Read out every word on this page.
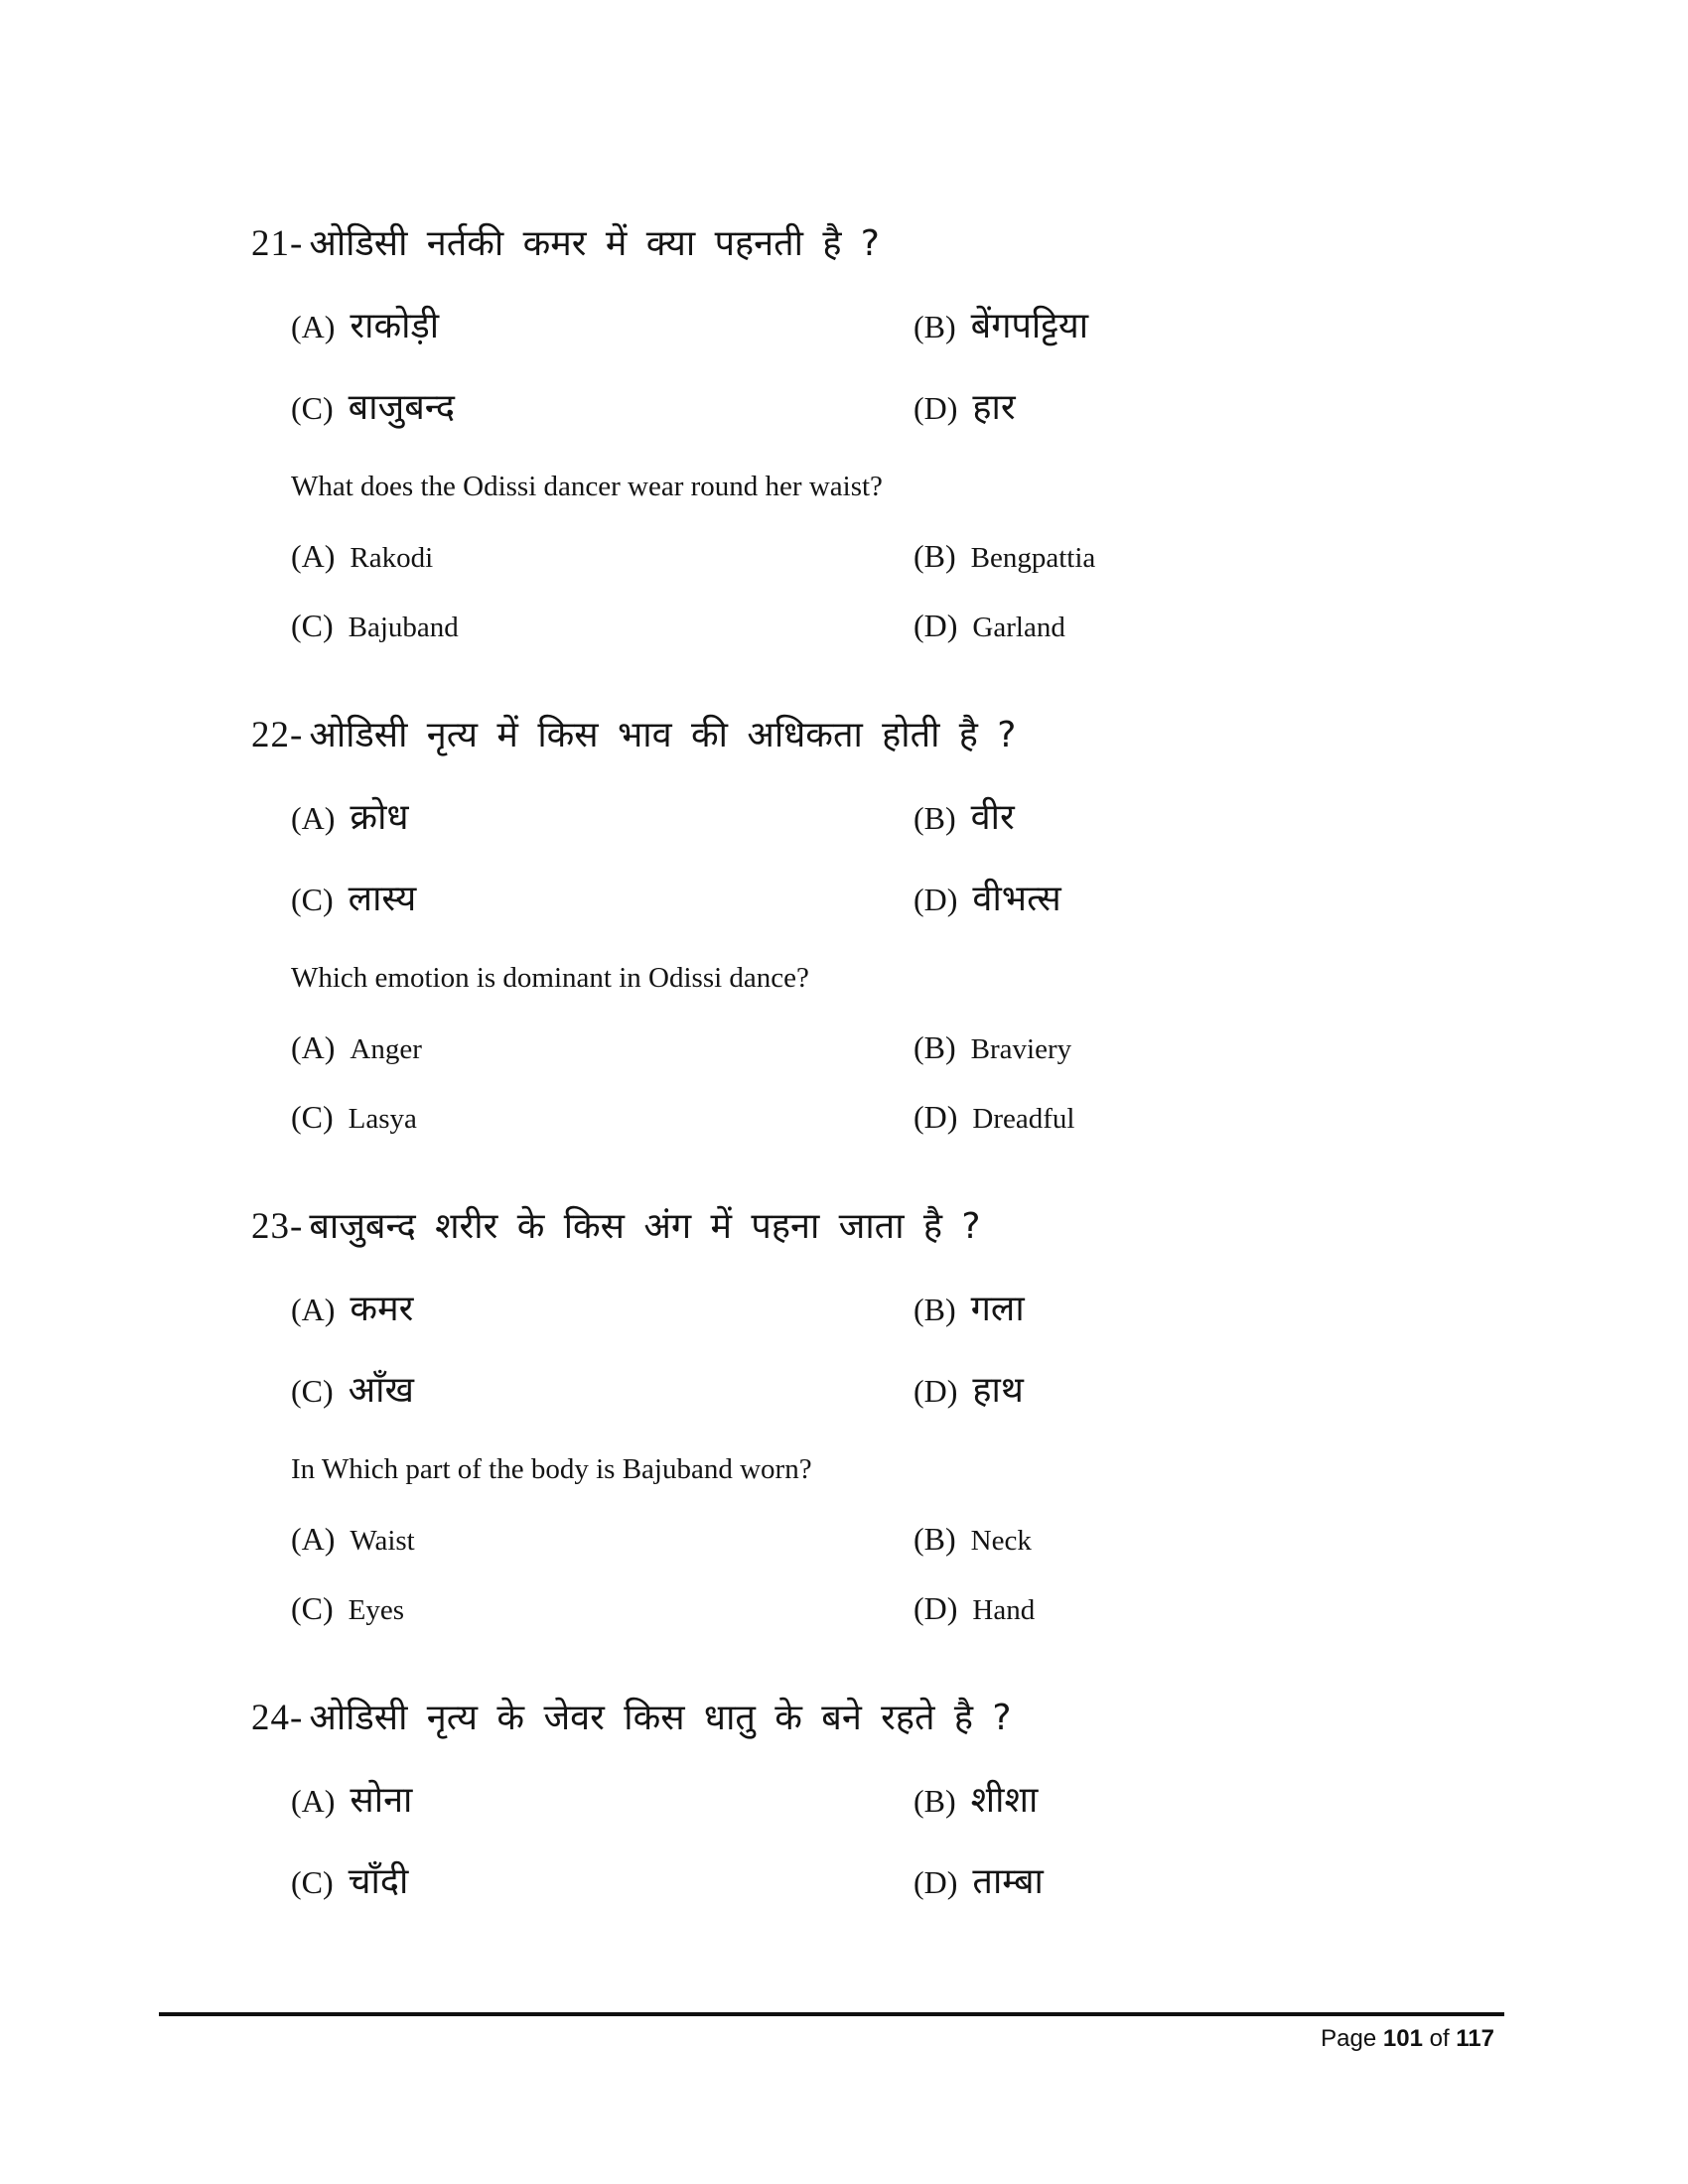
21- ओडिसी नर्तकी कमर में क्या पहनती है ?
(A) राकोड़ी	(B) बेंगपट्टिया
(C) बाजुबन्द	(D) हार
What does the Odissi dancer wear round her waist?
(A) Rakodi	(B) Bengpattia
(C) Bajuband	(D) Garland
22- ओडिसी नृत्य में किस भाव की अधिकता होती है ?
(A) क्रोध	(B) वीर
(C) लास्य	(D) वीभत्स
Which emotion is dominant in Odissi dance?
(A) Anger	(B) Braviery
(C) Lasya	(D) Dreadful
23- बाजुबन्द शरीर के किस अंग में पहना जाता है ?
(A) कमर	(B) गला
(C) आँख	(D) हाथ
In Which part of the body is Bajuband worn?
(A) Waist	(B) Neck
(C) Eyes	(D) Hand
24- ओडिसी नृत्य के जेवर किस धातु के बने रहते है ?
(A) सोना	(B) शीशा
(C) चाँदी	(D) ताम्बा
Page 101 of 117
